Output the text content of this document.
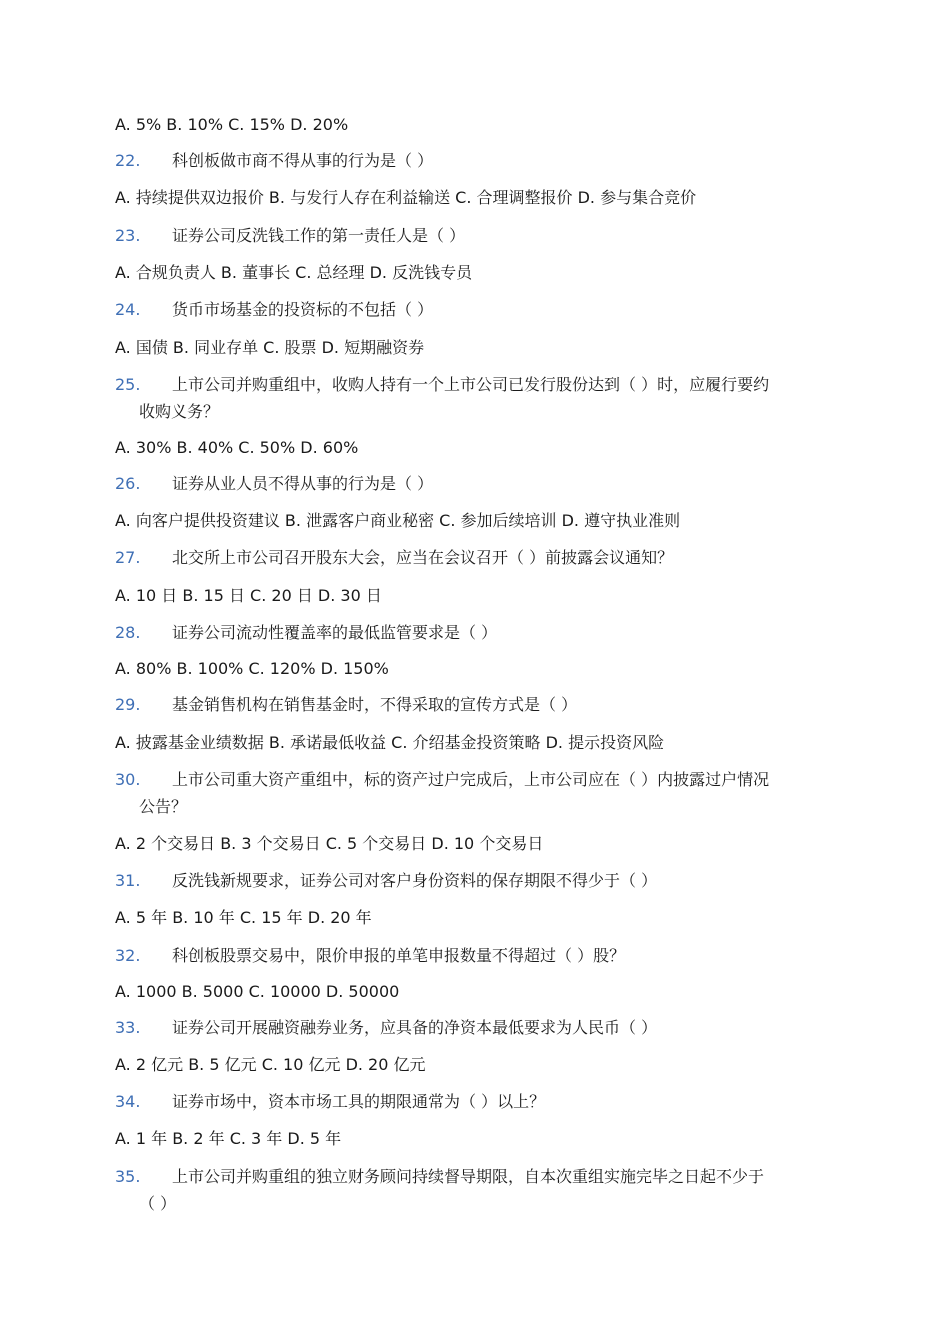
A. 5% B. 10% C. 15% D. 20%
22. 科创板做市商不得从事的行为是（ ）
A. 持续提供双边报价 B. 与发行人存在利益输送 C. 合理调整报价 D. 参与集合竞价
23. 证券公司反洗钱工作的第一责任人是（ ）
A. 合规负责人 B. 董事长 C. 总经理 D. 反洗钱专员
24. 货币市场基金的投资标的不包括（ ）
A. 国债 B. 同业存单 C. 股票 D. 短期融资券
25. 上市公司并购重组中，收购人持有一个上市公司已发行股份达到（ ）时，应履行要约
收购义务？
A. 30% B. 40% C. 50% D. 60%
26. 证券从业人员不得从事的行为是（ ）
A. 向客户提供投资建议 B. 泄露客户商业秘密 C. 参加后续培训 D. 遵守执业准则
27. 北交所上市公司召开股东大会，应当在会议召开（ ）前披露会议通知？
A. 10 日 B. 15 日 C. 20 日 D. 30 日
28. 证券公司流动性覆盖率的最低监管要求是（ ）
A. 80% B. 100% C. 120% D. 150%
29. 基金销售机构在销售基金时，不得采取的宣传方式是（ ）
A. 披露基金业绩数据 B. 承诺最低收益 C. 介绍基金投资策略 D. 提示投资风险
30. 上市公司重大资产重组中，标的资产过户完成后，上市公司应在（ ）内披露过户情况
公告？
A. 2 个交易日 B. 3 个交易日 C. 5 个交易日 D. 10 个交易日
31. 反洗钱新规要求，证券公司对客户身份资料的保存期限不得少于（ ）
A. 5 年 B. 10 年 C. 15 年 D. 20 年
32. 科创板股票交易中，限价申报的单笔申报数量不得超过（ ）股？
A. 1000 B. 5000 C. 10000 D. 50000
33. 证券公司开展融资融券业务，应具备的净资本最低要求为人民币（ ）
A. 2 亿元 B. 5 亿元 C. 10 亿元 D. 20 亿元
34. 证券市场中，资本市场工具的期限通常为（ ）以上？
A. 1 年 B. 2 年 C. 3 年 D. 5 年
35. 上市公司并购重组的独立财务顾问持续督导期限，自本次重组实施完毕之日起不少于
（ ）
